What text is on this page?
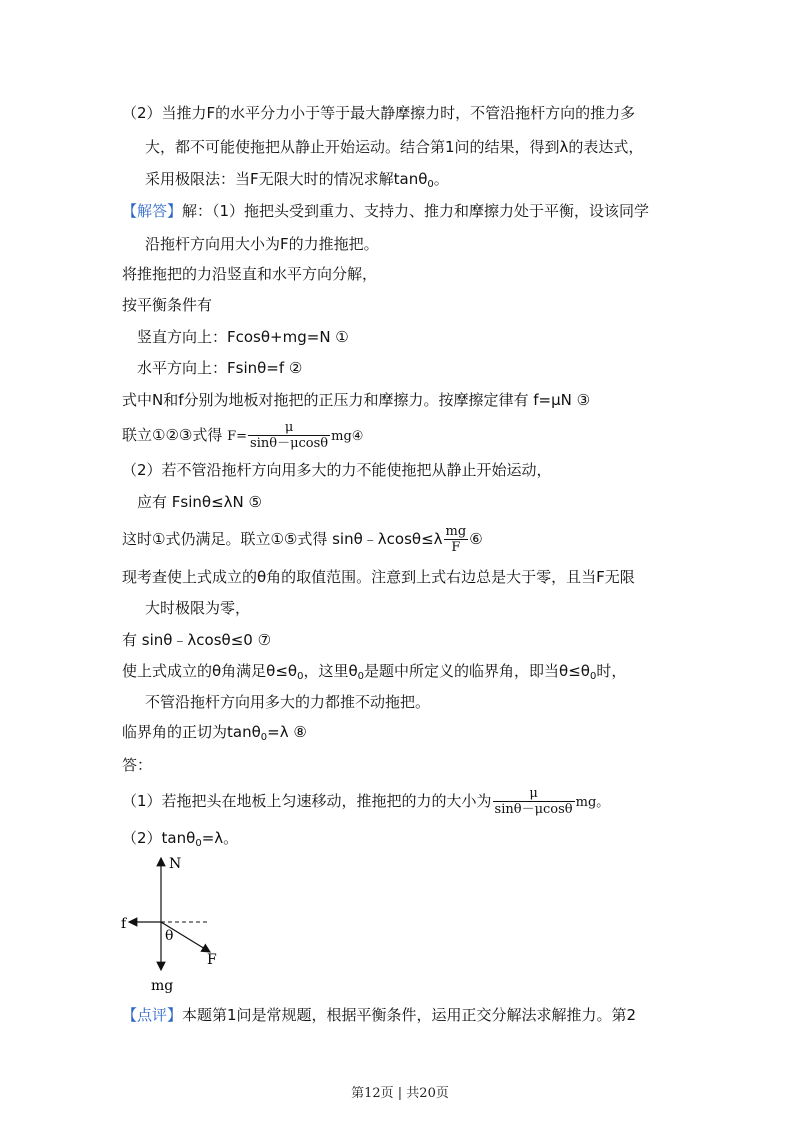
（2）当推力F的水平分力小于等于最大静摩擦力时，不管沿拖杆方向的推力多
大，都不可能使拖把从静止开始运动。结合第1问的结果，得到λ的表达式，
采用极限法：当F无限大时的情况求解tanθ$_0$。
【解答】解：（1）拖把头受到重力、支持力、推力和摩擦力处于平衡，设该同学
沿拖杆方向用大小为F的力推拖把。
将推拖把的力沿竖直和水平方向分解，
按平衡条件有
竖直方向上：Fcosθ+mg=N ①
水平方向上：Fsinθ=f ②
式中N和f分别为地板对拖把的正压力和摩擦力。按摩擦定律有 f=μN ③
联立①②③式得 $F= \frac{\mu}{\sin\theta-\mu\cos\theta}$ mg④
（2）若不管沿拖杆方向用多大的力不能使拖把从静止开始运动，
应有 Fsinθ≤λN ⑤
这时①式仍满足。联立①⑤式得 sinθ﹣λcosθ≤λ $\frac{mg}{F}$ ⑥
现考查使上式成立的θ角的取值范围。注意到上式右边总是大于零，且当F无限
大时极限为零，
有 sinθ﹣λcosθ≤0 ⑦
使上式成立的θ角满足$\theta\le\theta_0$，这里$\theta_0$是题中所定义的临界角，即当$\theta\le\theta_0$时，
不管沿拖杆方向用多大的力都推不动拖把。
临界角的正切为tanθ$_0$=λ ⑧
答：
（1）若拖把头在地板上匀速移动，推拖把的力的大小为 $\frac{\mu}{\sin\theta-\mu\cos\theta}$ mg。
（2）tanθ$_0$=λ。
N
f
θ
F
mg
【点评】本题第1问是常规题，根据平衡条件，运用正交分解法求解推力。第2
第12页 | 共20页
